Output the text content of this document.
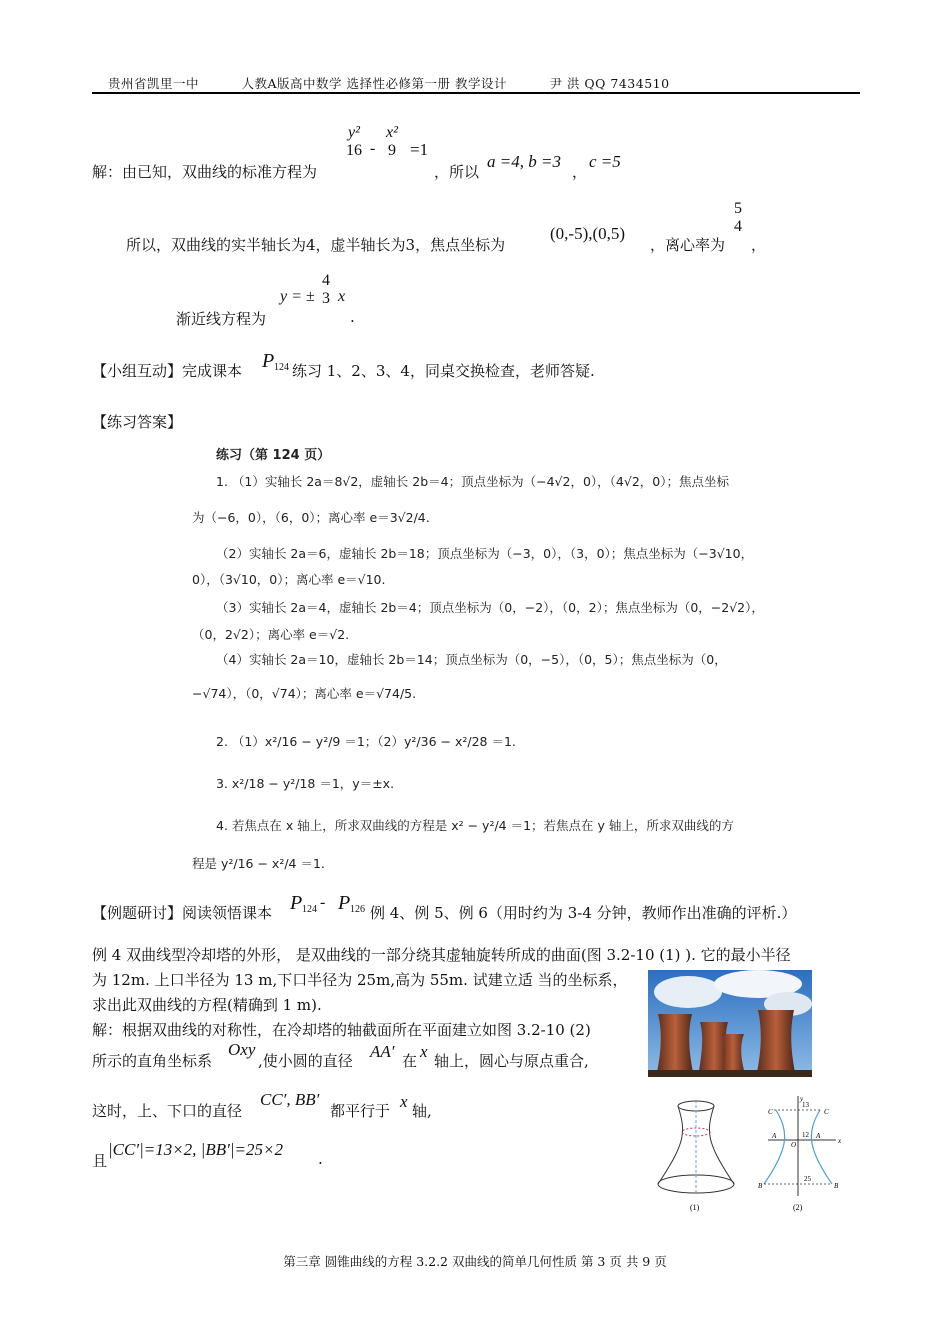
贵州省凯里一中	人教A版高中数学 选择性必修第一册 教学设计	尹 洪 QQ 7434510
解：由已知，双曲线的标准方程为
y²
16 -
x²
9 =1
，所以
a =4, b =3
，
c =5
所以，双曲线的实半轴长为4，虚半轴长为3，焦点坐标为
(0,-5),(0,5)
，离心率为
5
4
，
渐近线方程为
y = ±
4
3 x
.
【小组互动】完成课本 P 124 练习 1、2、3、4，同桌交换检查，老师答疑.
【练习答案】
练习（第 124 页）
1. （1）实轴长 2a＝8√2，虚轴长 2b＝4；顶点坐标为（−4√2，0），（4√2，0）；焦点坐标
为（−6，0），（6，0）；离心率 e＝3√2/4.
（2）实轴长 2a＝6，虚轴长 2b＝18；顶点坐标为（−3，0），（3，0）；焦点坐标为（−3√10，
0），（3√10，0）；离心率 e＝√10.
（3）实轴长 2a＝4，虚轴长 2b＝4；顶点坐标为（0，−2），（0，2）；焦点坐标为（0，−2√2），
（0，2√2）；离心率 e＝√2.
（4）实轴长 2a＝10，虚轴长 2b＝14；顶点坐标为（0，−5），（0，5）；焦点坐标为（0，
−√74），（0，√74）；离心率 e＝√74/5.
2. （1）x²/16 − y²/9 ＝1；（2）y²/36 − x²/28 ＝1.
3. x²/18 − y²/18 ＝1，y＝±x.
4. 若焦点在 x 轴上，所求双曲线的方程是 x² − y²/4 ＝1；若焦点在 y 轴上，所求双曲线的方
程是 y²/16 − x²/4 ＝1.
【例题研讨】阅读领悟课本 P 124 - P 126 例 4、例 5、例 6（用时约为 3-4 分钟，教师作出准确的评析.）
例 4 双曲线型冷却塔的外形， 是双曲线的一部分绕其虚轴旋转所成的曲面(图 3.2-10 (1) ). 它的最小半径
为 12m. 上口半径为 13 m,下口半径为 25m,高为 55m. 试建立适 当的坐标系，
求出此双曲线的方程(精确到 1 m).
解：根据双曲线的对称性，在冷却塔的轴截面所在平面建立如图 3.2-10 (2)
所示的直角坐标系
Oxy
,使小圆的直径 AA′ 在 x 轴上，圆心与原点重合,
这时，上、下口的直径
CC′, BB′
都平行于 x 轴,
且
|CC′|=13×2, |BB′|=25×2 .
(1)
y
x
O
13
12
25
C	C
A	A
B	B
(2)
第三章 圆锥曲线的方程 3.2.2 双曲线的简单几何性质 第 3 页 共 9 页
